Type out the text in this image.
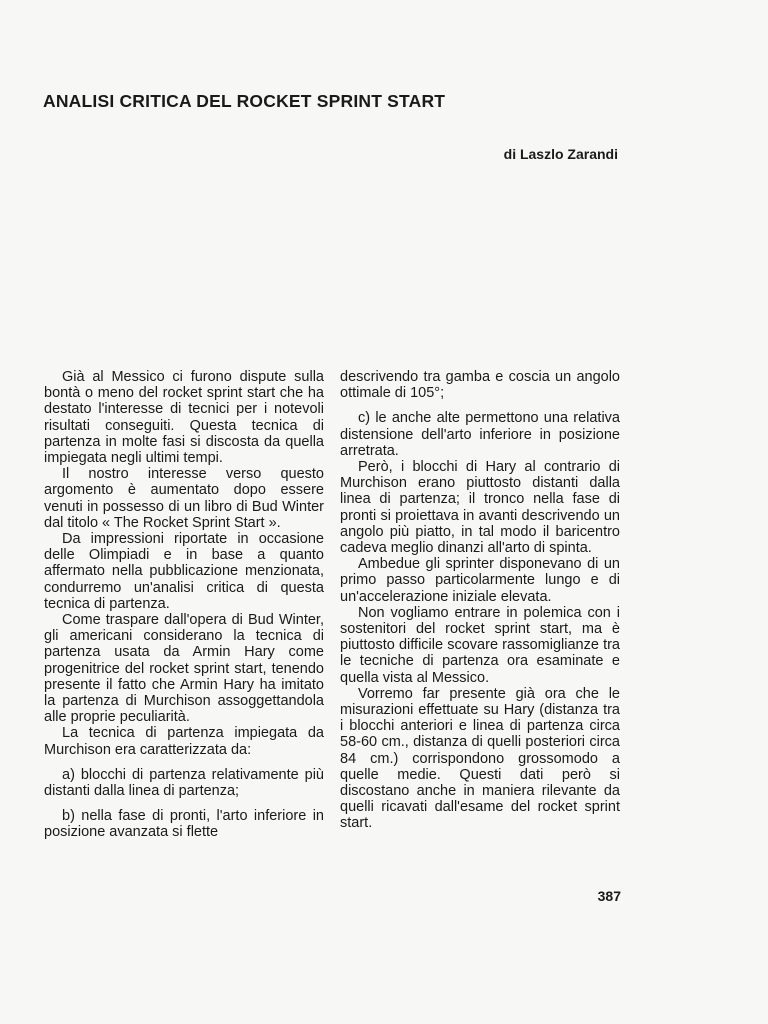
ANALISI CRITICA DEL ROCKET SPRINT START
di Laszlo Zarandi

Già al Messico ci furono dispute sulla bontà o meno del rocket sprint start che ha destato l'interesse di tecnici per i notevoli risultati conseguiti. Questa tecnica di partenza in molte fasi si discosta da quella impiegata negli ultimi tempi.

Il nostro interesse verso questo argomento è aumentato dopo essere venuti in possesso di un libro di Bud Winter dal titolo « The Rocket Sprint Start ».

Da impressioni riportate in occasione delle Olimpiadi e in base a quanto affermato nella pubblicazione menzionata, condurremo un'analisi critica di questa tecnica di partenza.

Come traspare dall'opera di Bud Winter, gli americani considerano la tecnica di partenza usata da Armin Hary come progenitrice del rocket sprint start, tenendo presente il fatto che Armin Hary ha imitato la partenza di Murchison assoggettandola alle proprie peculiarità.

La tecnica di partenza impiegata da Murchison era caratterizzata da:

a) blocchi di partenza relativamente più distanti dalla linea di partenza;

b) nella fase di pronti, l'arto inferiore in posizione avanzata si flette

descrivendo tra gamba e coscia un angolo ottimale di 105°;

c) le anche alte permettono una relativa distensione dell'arto inferiore in posizione arretrata.

Però, i blocchi di Hary al contrario di Murchison erano piuttosto distanti dalla linea di partenza; il tronco nella fase di pronti si proiettava in avanti descrivendo un angolo più piatto, in tal modo il baricentro cadeva meglio dinanzi all'arto di spinta.

Ambedue gli sprinter disponevano di un primo passo particolarmente lungo e di un'accelerazione iniziale elevata.

Non vogliamo entrare in polemica con i sostenitori del rocket sprint start, ma è piuttosto difficile scovare rassomiglianze tra le tecniche di partenza ora esaminate e quella vista al Messico.

Vorremo far presente già ora che le misurazioni effettuate su Hary (distanza tra i blocchi anteriori e linea di partenza circa 58-60 cm., distanza di quelli posteriori circa 84 cm.) corrispondono grossomodo a quelle medie. Questi dati però si discostano anche in maniera rilevante da quelli ricavati dall'esame del rocket sprint start.

387
